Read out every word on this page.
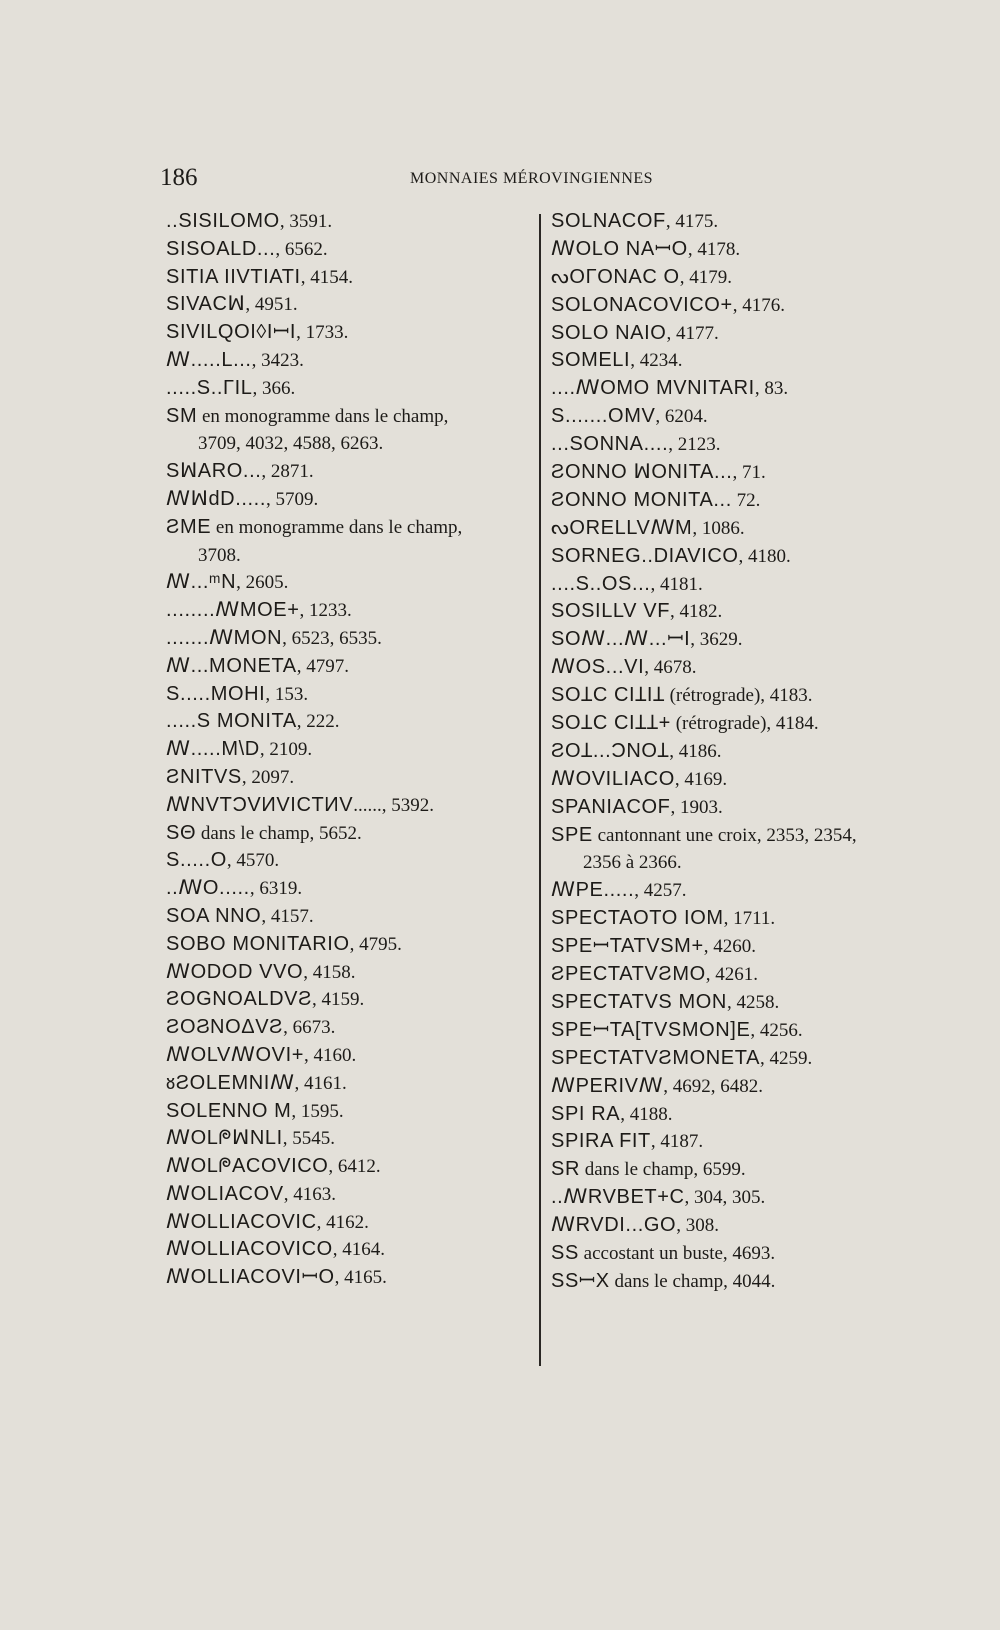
186	MONNAIES MÉROVINGIENNES
..SISILOMO, 3591.
SISOALD..., 6562.
SITIA IIVTIATI, 4154.
SIVACꟽ, 4951.
SIVILQOI◊IꟷI, 1733.
ꟿ.....L..., 3423.
.....S..ΓIL, 366.
SM en monogramme dans le champ,
3709, 4032, 4588, 6263.
SꟽARO..., 2871.
ꟿꟽdD....., 5709.
ƧME en monogramme dans le champ,
3708.
ꟿ...ᵐN, 2605.
........ꟿMOE+, 1233.
.......ꟿMON, 6523, 6535.
ꟿ...MONETA, 4797.
S.....MOHI, 153.
.....S MONITA, 222.
ꟿ.....M\D, 2109.
ƧNITVS, 2097.
ꟿNVTƆVИVICTИV......, 5392.
SΘ dans le champ, 5652.
S.....O, 4570.
..ꟿO....., 6319.
SOA NNO, 4157.
SOBO MONITARIO, 4795.
ꟿODOD VVO, 4158.
ƧOGNOALDVƧ, 4159.
ƧOϨNOΔVƧ, 6673.
ꟿOLVꟿOVI+, 4160.
ᴕƧOLEMNIꟿ, 4161.
SOLENNO M, 1595.
ꟿOLᖘꟽNLI, 5545.
ꟿOLᖘACOVICO, 6412.
ꟿOLIACOV, 4163.
ꟿOLLIACOVIC, 4162.
ꟿOLLIACOVICO, 4164.
ꟿOLLIACOVIꟷO, 4165.
SOLNACOF, 4175.
ꟿOLO NAꟷO, 4178.
ᔓOΓONAC O, 4179.
SOLONACOVICO+, 4176.
SOLO NAIO, 4177.
SOMELI, 4234.
....ꟿOMO MVNITARI, 83.
S.......OMV, 6204.
...SONNA...., 2123.
ƧONNO ꟽONITA..., 71.
ƧONNO MONITA... 72.
ᔓORELLVꟿM, 1086.
SORNEG..DIAVICO, 4180.
....S..OS..., 4181.
SOSILLV VF, 4182.
SOꟿ...ꟿ...ꟷI, 3629.
ꟿOS...VI, 4678.
SOꞱC CIꞱIꞱ (rétrograde), 4183.
SOꞱC CIꞱꞱ+ (rétrograde), 4184.
ƧOꞱ...ƆNOꞱ, 4186.
ꟿOVILIACO, 4169.
SPANIACOF, 1903.
SPE cantonnant une croix, 2353, 2354,
2356 à 2366.
ꟿPE....., 4257.
SPECTAOTO IOM, 1711.
SPEꟷTATVSM+, 4260.
ƧPECTATVƧMO, 4261.
SPECTATVS MON, 4258.
SPEꟷTA[TVSMON]E, 4256.
SPECTATVƧMONETA, 4259.
ꟿPERIVꟿ, 4692, 6482.
SPI RA, 4188.
SPIRA FIT, 4187.
SR dans le champ, 6599.
..ꟿRVBET+C, 304, 305.
ꟿRVDI...GO, 308.
SS accostant un buste, 4693.
SSꟷX dans le champ, 4044.
